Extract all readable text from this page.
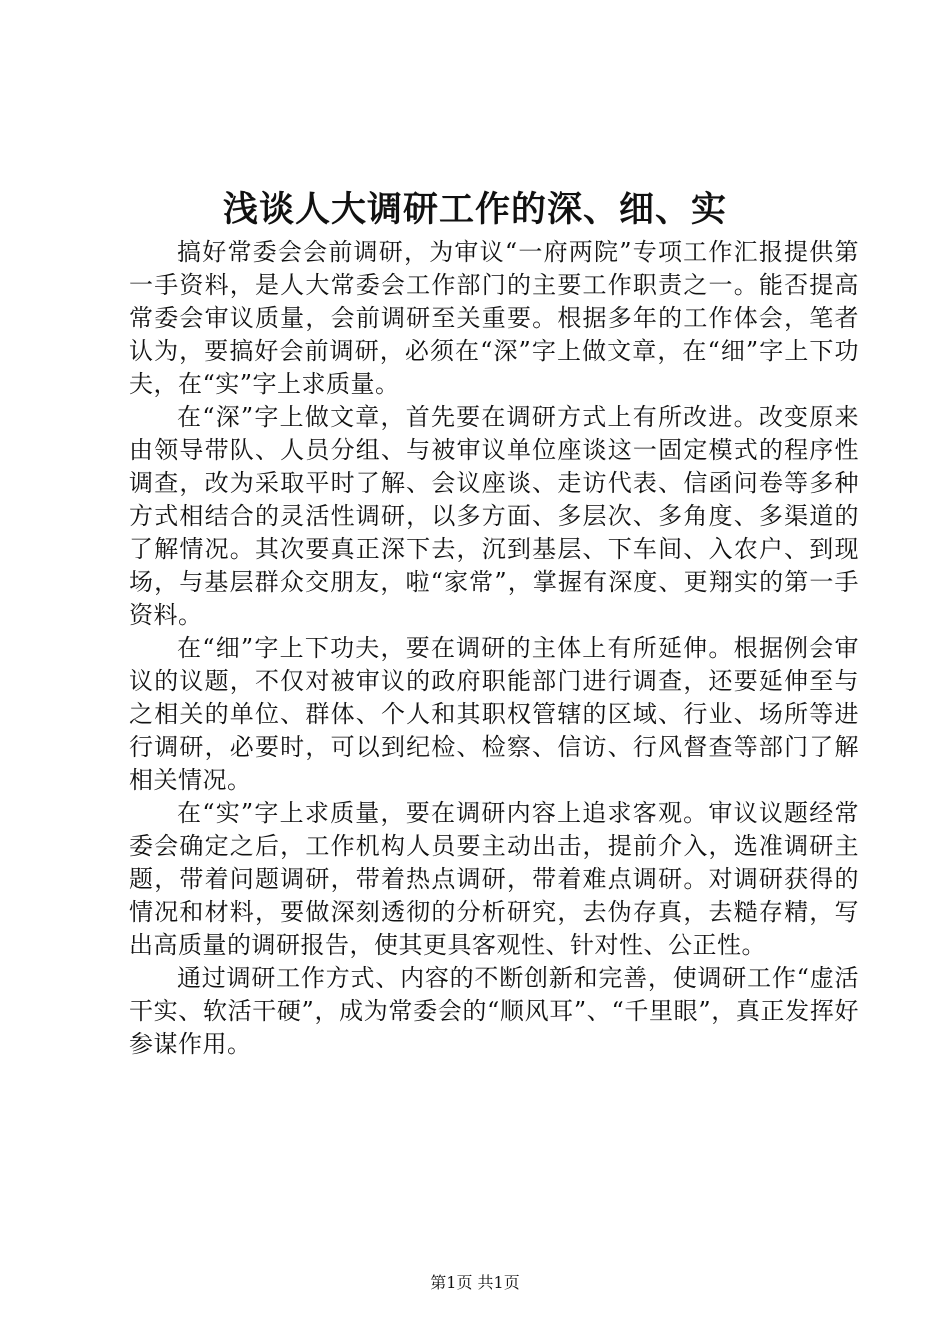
浅谈人大调研工作的深、细、实

搞好常委会会前调研，为审议“一府两院”专项工作汇报提供第一手资料，是人大常委会工作部门的主要工作职责之一。能否提高常委会审议质量，会前调研至关重要。根据多年的工作体会，笔者认为，要搞好会前调研，必须在“深”字上做文章，在“细”字上下功夫，在“实”字上求质量。

在“深”字上做文章，首先要在调研方式上有所改进。改变原来由领导带队、人员分组、与被审议单位座谈这一固定模式的程序性调查，改为采取平时了解、会议座谈、走访代表、信函问卷等多种方式相结合的灵活性调研，以多方面、多层次、多角度、多渠道的了解情况。其次要真正深下去，沉到基层、下车间、入农户、到现场，与基层群众交朋友，啦“家常”，掌握有深度、更翔实的第一手资料。

在“细”字上下功夫，要在调研的主体上有所延伸。根据例会审议的议题，不仅对被审议的政府职能部门进行调查，还要延伸至与之相关的单位、群体、个人和其职权管辖的区域、行业、场所等进行调研，必要时，可以到纪检、检察、信访、行风督查等部门了解相关情况。

在“实”字上求质量，要在调研内容上追求客观。审议议题经常委会确定之后，工作机构人员要主动出击，提前介入，选准调研主题，带着问题调研，带着热点调研，带着难点调研。对调研获得的情况和材料，要做深刻透彻的分析研究，去伪存真，去糙存精，写出高质量的调研报告，使其更具客观性、针对性、公正性。

通过调研工作方式、内容的不断创新和完善，使调研工作“虚活干实、软活干硬”，成为常委会的“顺风耳”、“千里眼”，真正发挥好参谋作用。

第1页 共1页
